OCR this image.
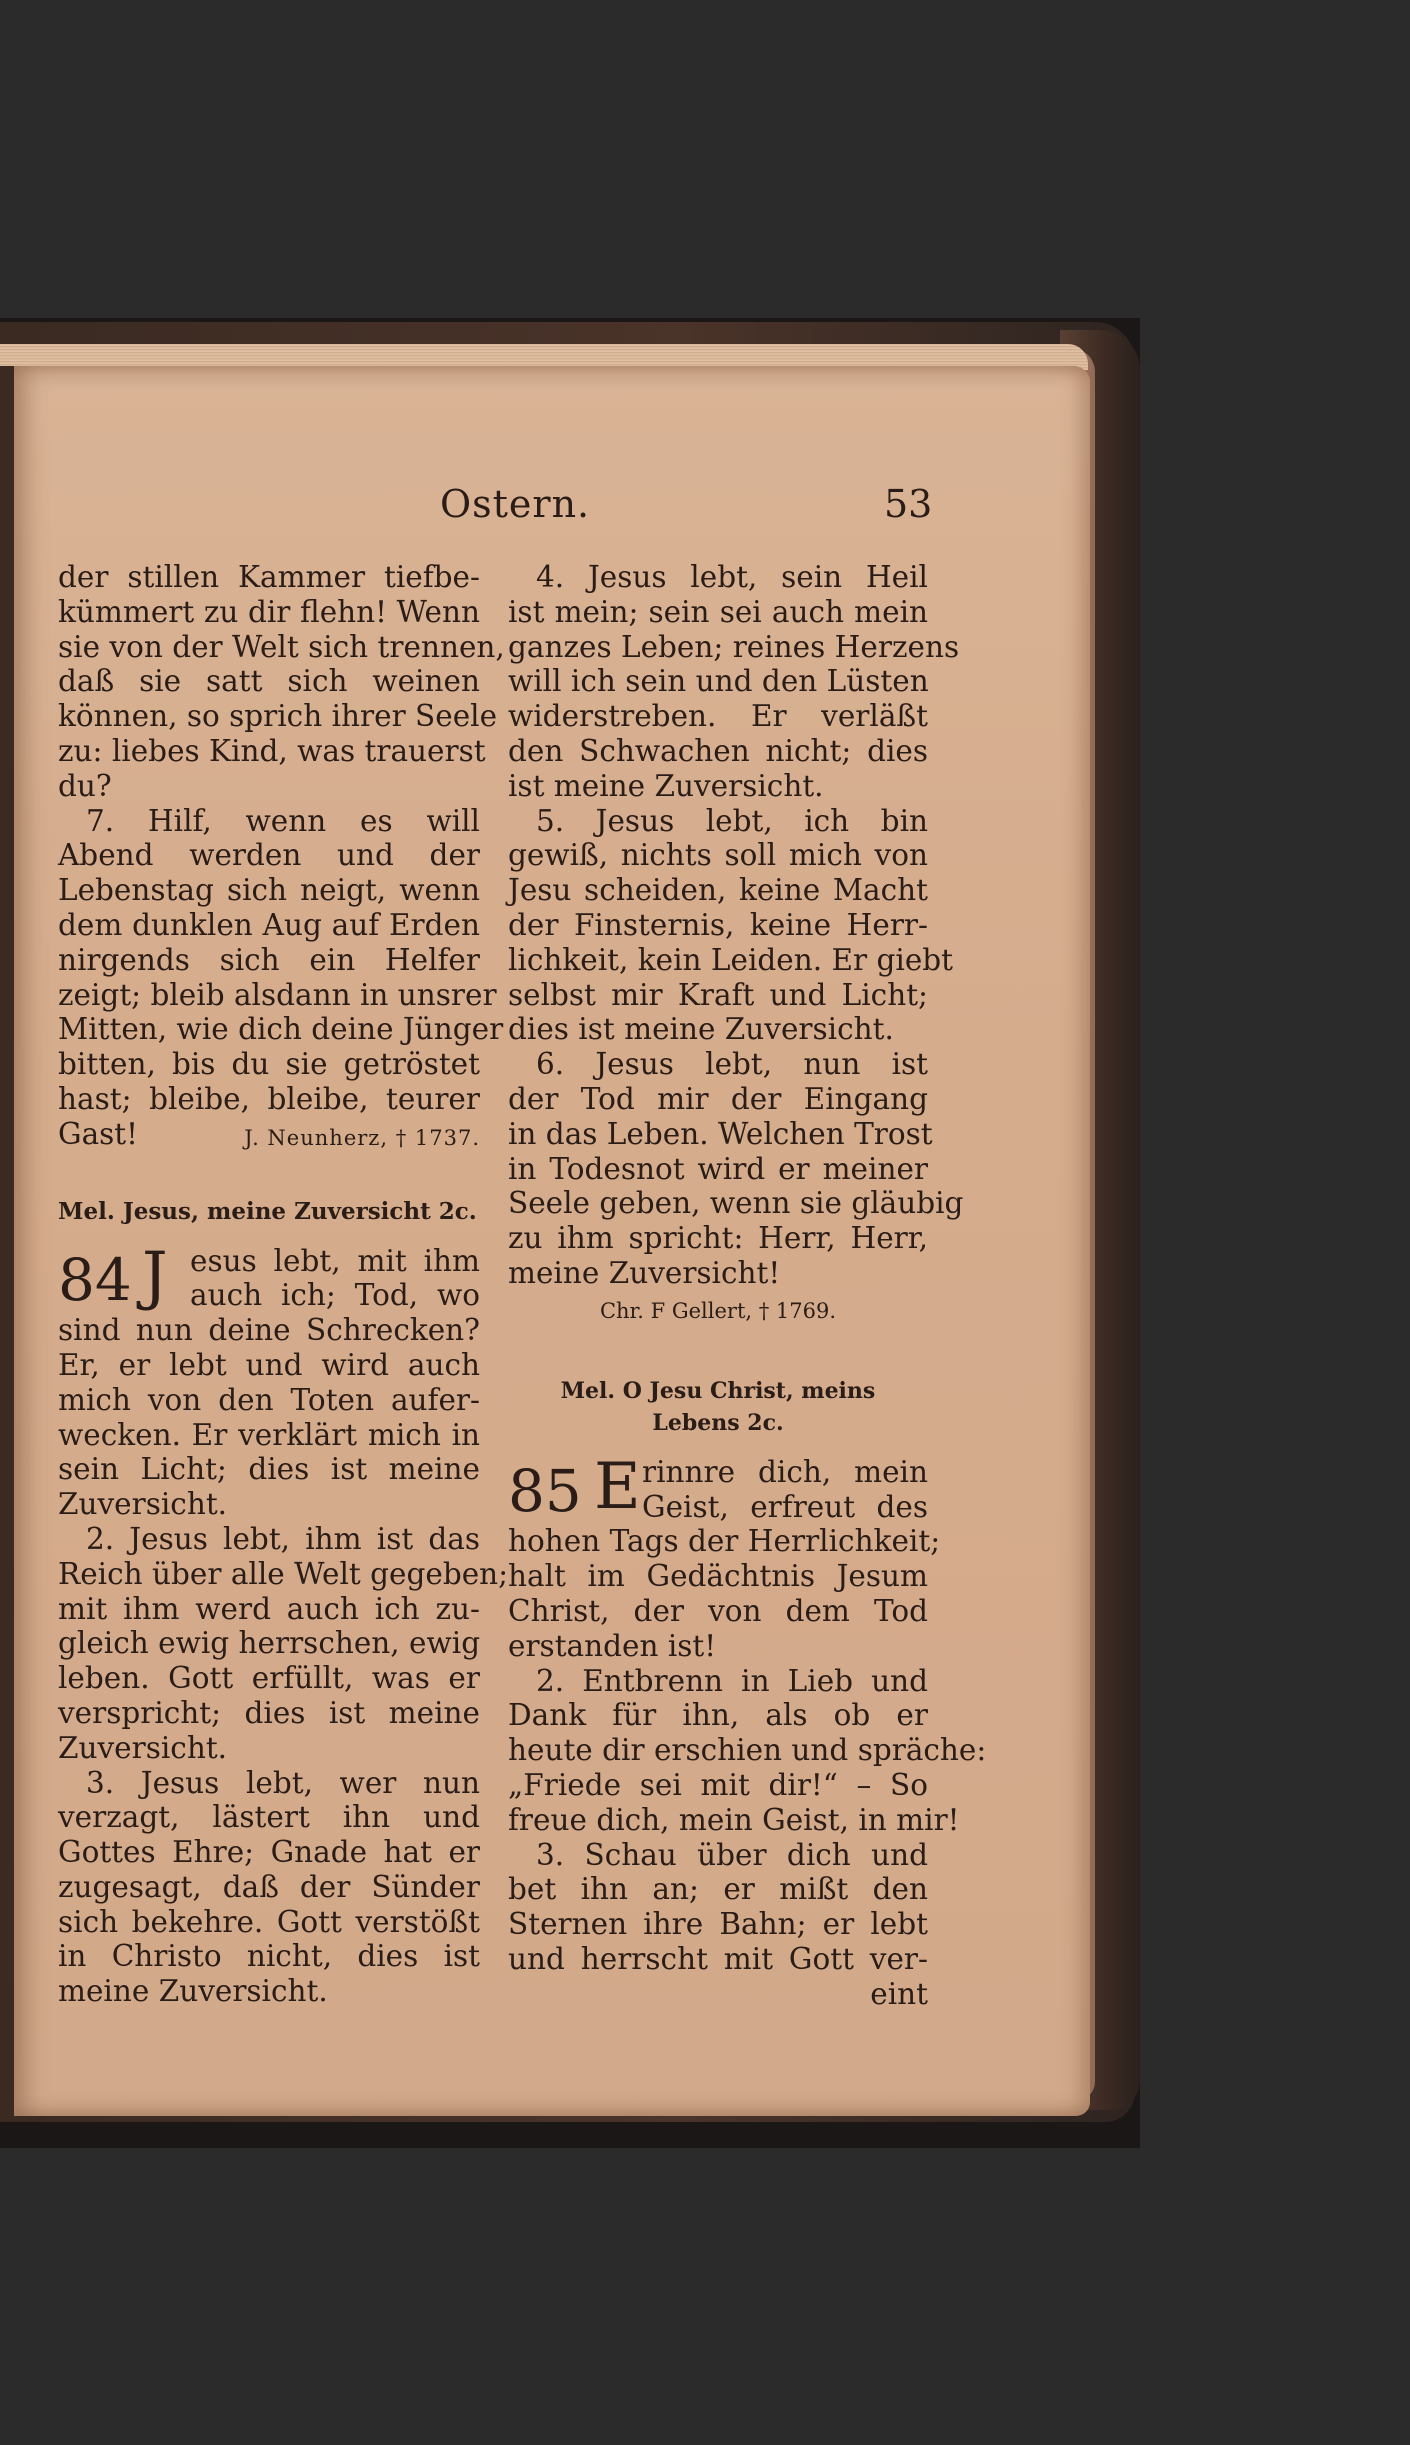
Ostern.	53
der stillen Kammer tiefbe-
kümmert zu dir flehn! Wenn
sie von der Welt sich trennen,
daß sie satt sich weinen
können, so sprich ihrer Seele
zu: liebes Kind, was trauerst
du?
7. Hilf, wenn es will
Abend werden und der
Lebenstag sich neigt, wenn
dem dunklen Aug auf Erden
nirgends sich ein Helfer
zeigt; bleib alsdann in unsrer
Mitten, wie dich deine Jünger
bitten, bis du sie getröstet
hast; bleibe, bleibe, teurer
Gast!	J. Neunherz, † 1737.
Mel. Jesus, meine Zuversicht 2c.
84 J esus lebt, mit ihm
auch ich; Tod, wo
sind nun deine Schrecken?
Er, er lebt und wird auch
mich von den Toten aufer-
wecken. Er verklärt mich in
sein Licht; dies ist meine
Zuversicht.
2. Jesus lebt, ihm ist das
Reich über alle Welt gegeben;
mit ihm werd auch ich zu-
gleich ewig herrschen, ewig
leben. Gott erfüllt, was er
verspricht; dies ist meine
Zuversicht.
3. Jesus lebt, wer nun
verzagt, lästert ihn und
Gottes Ehre; Gnade hat er
zugesagt, daß der Sünder
sich bekehre. Gott verstößt
in Christo nicht, dies ist
meine Zuversicht.
4. Jesus lebt, sein Heil
ist mein; sein sei auch mein
ganzes Leben; reines Herzens
will ich sein und den Lüsten
widerstreben. Er verläßt
den Schwachen nicht; dies
ist meine Zuversicht.
5. Jesus lebt, ich bin
gewiß, nichts soll mich von
Jesu scheiden, keine Macht
der Finsternis, keine Herr-
lichkeit, kein Leiden. Er giebt
selbst mir Kraft und Licht;
dies ist meine Zuversicht.
6. Jesus lebt, nun ist
der Tod mir der Eingang
in das Leben. Welchen Trost
in Todesnot wird er meiner
Seele geben, wenn sie gläubig
zu ihm spricht: Herr, Herr,
meine Zuversicht!
Chr. F Gellert, † 1769.
Mel. O Jesu Christ, meins
Lebens 2c.
85 E rinnre dich, mein
Geist, erfreut des
hohen Tags der Herrlichkeit;
halt im Gedächtnis Jesum
Christ, der von dem Tod
erstanden ist!
2. Entbrenn in Lieb und
Dank für ihn, als ob er
heute dir erschien und spräche:
„Friede sei mit dir!“ – So
freue dich, mein Geist, in mir!
3. Schau über dich und
bet ihn an; er mißt den
Sternen ihre Bahn; er lebt
und herrscht mit Gott ver-
eint
